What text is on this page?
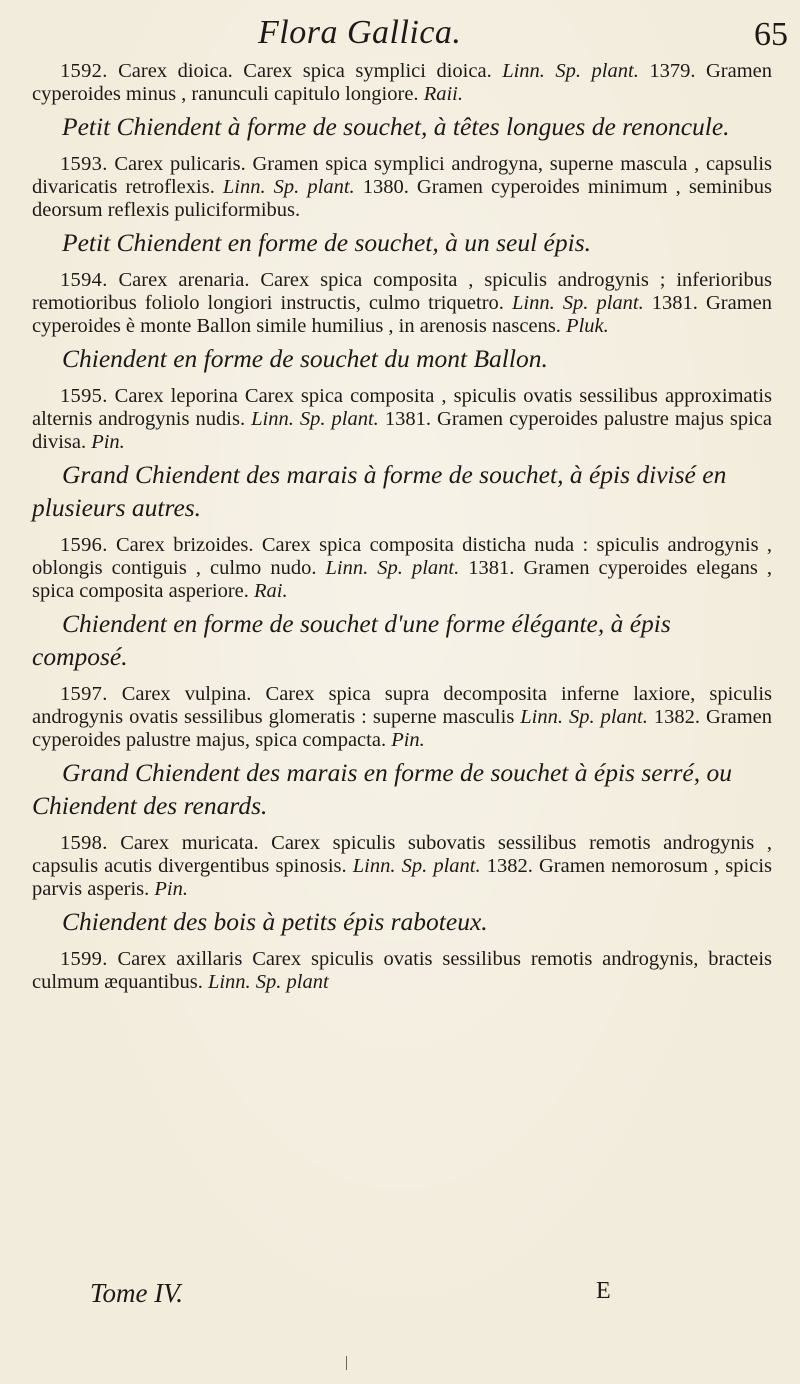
Flora Gallica.	65

1592. Carex dioica. Carex spica symplici dioica. Linn. Sp. plant. 1379. Gramen cyperoides minus , ranunculi capitulo longiore. Raii.

Petit Chiendent à forme de souchet, à têtes longues de renoncule.

1593. Carex pulicaris. Gramen spica symplici androgyna, superne mascula , capsulis divaricatis retroflexis. Linn. Sp. plant. 1380. Gramen cyperoides minimum , seminibus deorsum reflexis puliciformibus.

Petit Chiendent en forme de souchet, à un seul épis.

1594. Carex arenaria. Carex spica composita , spiculis androgynis ; inferioribus remotioribus foliolo longiori instructis, culmo triquetro. Linn. Sp. plant. 1381. Gramen cyperoides è monte Ballon simile humilius , in arenosis nascens. Pluk.

Chiendent en forme de souchet du mont Ballon.

1595. Carex leporina Carex spica composita , spiculis ovatis sessilibus approximatis alternis androgynis nudis. Linn. Sp. plant. 1381. Gramen cyperoides palustre majus spica divisa. Pin.

Grand Chiendent des marais à forme de souchet, à épis divisé en plusieurs autres.

1596. Carex brizoides. Carex spica composita disticha nuda : spiculis androgynis , oblongis contiguis , culmo nudo. Linn. Sp. plant. 1381. Gramen cyperoides elegans , spica composita asperiore. Rai.

Chiendent en forme de souchet d'une forme élégante, à épis composé.

1597. Carex vulpina. Carex spica supra decomposita inferne laxiore, spiculis androgynis ovatis sessilibus glomeratis : superne masculis Linn. Sp. plant. 1382. Gramen cyperoides palustre majus, spica compacta. Pin.

Grand Chiendent des marais en forme de souchet à épis serré, ou Chiendent des renards.

1598. Carex muricata. Carex spiculis subovatis sessilibus remotis androgynis , capsulis acutis divergentibus spinosis. Linn. Sp. plant. 1382. Gramen nemorosum , spicis parvis asperis. Pin.

Chiendent des bois à petits épis raboteux.

1599. Carex axillaris Carex spiculis ovatis sessilibus remotis androgynis, bracteis culmum æquantibus. Linn. Sp. plant

Tome IV.	E
